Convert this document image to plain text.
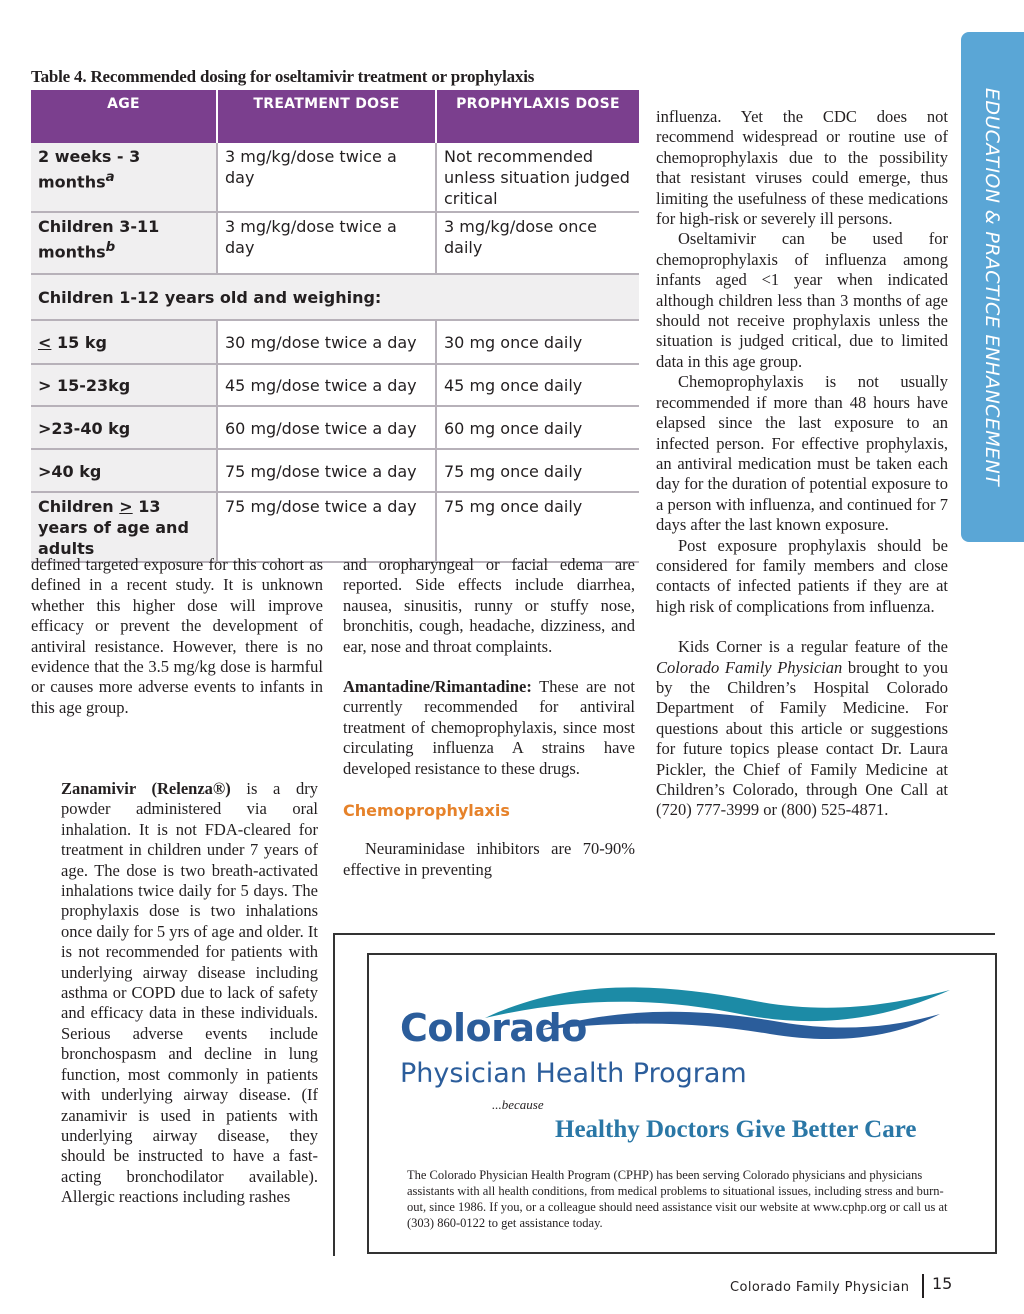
Table 4. Recommended dosing for oseltamivir treatment or prophylaxis
AGE	TREATMENT DOSE	PROPHYLAXIS DOSE
2 weeks - 3 months$^a$	3 mg/kg/dose twice a day	Not recommended unless situation judged critical
Children 3-11 months$^b$	3 mg/kg/dose twice a day	3 mg/kg/dose once daily
Children 1-12 years old and weighing:		
< 15 kg	30 mg/dose twice a day	30 mg once daily
> 15-23kg	45 mg/dose twice a day	45 mg once daily
>23-40 kg	60 mg/dose twice a day	60 mg once daily
>40 kg	75 mg/dose twice a day	75 mg once daily
Children > 13 years of age and adults	75 mg/dose twice a day	75 mg once daily

defined targeted exposure for this cohort as defined in a recent study. It is unknown whether this higher dose will improve efficacy or prevent the development of antiviral resistance. However, there is no evidence that the 3.5 mg/kg dose is harmful or causes more adverse events to infants in this age group.

Zanamivir (Relenza®) is a dry powder administered via oral inhalation. It is not FDA-cleared for treatment in children under 7 years of age. The dose is two breath-activated inhalations twice daily for 5 days. The prophylaxis dose is two inhalations once daily for 5 yrs of age and older. It is not recommended for patients with underlying airway disease including asthma or COPD due to lack of safety and efficacy data in these individuals. Serious adverse events include bronchospasm and decline in lung function, most commonly in patients with underlying airway disease. (If zanamivir is used in patients with underlying airway disease, they should be instructed to have a fast-acting bronchodilator available). Allergic reactions including rashes

and oropharyngeal or facial edema are reported. Side effects include diarrhea, nausea, sinusitis, runny or stuffy nose, bronchitis, cough, headache, dizziness, and ear, nose and throat complaints.

Amantadine/Rimantadine: These are not currently recommended for antiviral treatment of chemoprophylaxis, since most circulating influenza A strains have developed resistance to these drugs.

Chemoprophylaxis

Neuraminidase inhibitors are 70-90% effective in preventing

influenza. Yet the CDC does not recommend widespread or routine use of chemoprophylaxis due to the possibility that resistant viruses could emerge, thus limiting the usefulness of these medications for high-risk or severely ill persons.

Oseltamivir can be used for chemoprophylaxis of influenza among infants aged <1 year when indicated although children less than 3 months of age should not receive prophylaxis unless the situation is judged critical, due to limited data in this age group.

Chemoprophylaxis is not usually recommended if more than 48 hours have elapsed since the last exposure to an infected person. For effective prophylaxis, an antiviral medication must be taken each day for the duration of potential exposure to a person with influenza, and continued for 7 days after the last known exposure.

Post exposure prophylaxis should be considered for family members and close contacts of infected patients if they are at high risk of complications from influenza.

Kids Corner is a regular feature of the Colorado Family Physician brought to you by the Children’s Hospital Colorado Department of Family Medicine. For questions about this article or suggestions for future topics please contact Dr. Laura Pickler, the Chief of Family Medicine at Children’s Colorado, through One Call at (720) 777-3999 or (800) 525-4871.

EDUCATION & PRACTICE ENHANCEMENT
Colorado
Physician Health Program
...because
Healthy Doctors Give Better Care
The Colorado Physician Health Program (CPHP) has been serving Colorado physicians and physicians assistants with all health conditions, from medical problems to situational issues, including stress and burn-out, since 1986. If you, or a colleague should need assistance visit our website at www.cphp.org or call us at (303) 860-0122 to get assistance today.
Colorado Family Physician 15
